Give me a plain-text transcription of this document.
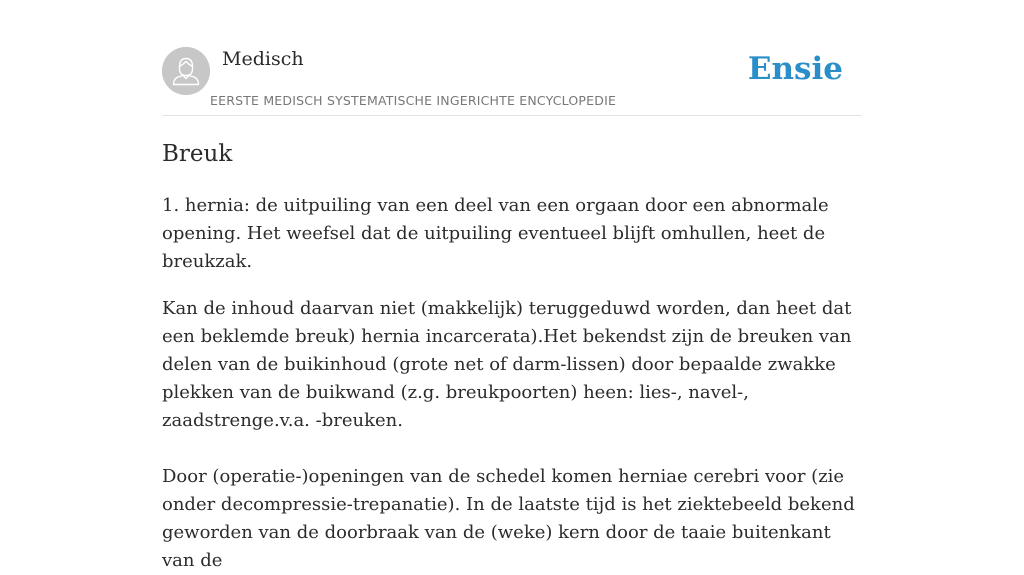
Medisch
EERSTE MEDISCH SYSTEMATISCHE INGERICHTE ENCYCLOPEDIE
Ensie
Breuk

1. hernia: de uitpuiling van een deel van een orgaan door een abnormale opening. Het weefsel dat de uitpuiling eventueel blijft omhullen, heet de breukzak.

Kan de inhoud daarvan niet (makkelijk) teruggeduwd worden, dan heet dat een beklemde breuk) hernia incarcerata).Het bekendst zijn de breuken van delen van de buikinhoud (grote net of darm-lissen) door bepaalde zwakke plekken van de buikwand (z.g. breukpoorten) heen: lies-, navel-, zaadstrenge.v.a. -breuken.

Door (operatie-)openingen van de schedel komen herniae cerebri voor (zie onder decompressie-trepanatie). In de laatste tijd is het ziektebeeld bekend geworden van de doorbraak van de (weke) kern door de taaie buitenkant van de
